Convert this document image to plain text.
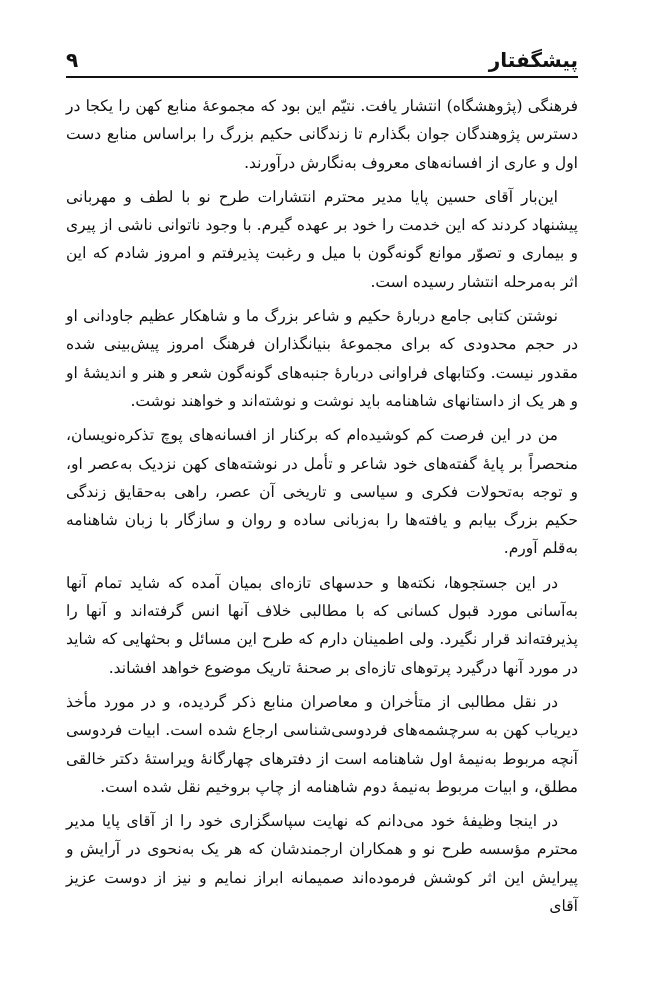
پیشگفتار
۹

فرهنگی (پژوهشگاه) انتشار یافت. نتیّم این بود که مجموعهٔ منابع کهن را یکجا در دسترس پژوهندگان جوان بگذارم تا زندگانی حکیم بزرگ را براساس منابع دست اول و عاری از افسانه‌های معروف به‌نگارش درآورند.

این‌بار آقای حسین پایا مدیر محترم انتشارات طرح نو با لطف و مهربانی پیشنهاد کردند که این خدمت را خود بر عهده گیرم. با وجود ناتوانی ناشی از پیری و بیماری و تصوّر موانع گونه‌گون با میل و رغبت پذیرفتم و امروز شادم که این اثر به‌مرحله انتشار رسیده است.

نوشتن کتابی جامع دربارهٔ حکیم و شاعر بزرگ ما و شاهکار عظیم جاودانی او در حجم محدودی که برای مجموعهٔ بنیانگذاران فرهنگ امروز پیش‌بینی شده مقدور نیست. وکتابهای فراوانی دربارهٔ جنبه‌های گونه‌گون شعر و هنر و اندیشهٔ او و هر یک از داستانهای شاهنامه باید نوشت و نوشته‌اند و خواهند نوشت.

من در این فرصت کم کوشیده‌ام که برکنار از افسانه‌های پوچ تذکره‌نویسان، منحصراً بر پایهٔ گفته‌های خود شاعر و تأمل در نوشته‌های کهن نزدیک به‌عصر او، و توجه به‌تحولات فکری و سیاسی و تاریخی آن عصر، راهی به‌حقایق زندگی حکیم بزرگ بیابم و یافته‌ها را به‌زبانی ساده و روان و سازگار با زبان شاهنامه به‌قلم آورم.

در این جستجوها، نکته‌ها و حدسهای تازه‌ای بمیان آمده که شاید تمام آنها به‌آسانی مورد قبول کسانی که با مطالبی خلاف آنها انس گرفته‌اند و آنها را پذیرفته‌اند قرار نگیرد. ولی اطمینان دارم که طرح این مسائل و بحثهایی که شاید در مورد آنها درگیرد پرتوهای تازه‌ای بر صحنهٔ تاریک موضوع خواهد افشاند.

در نقل مطالبی از متأخران و معاصران منابع ذکر گردیده، و در مورد مأخذ دیریاب کهن به سرچشمه‌های فردوسی‌شناسی ارجاع شده است. ابیات فردوسی آنچه مربوط به‌نیمهٔ اول شاهنامه است از دفترهای چهارگانهٔ ویراستهٔ دکتر خالقی مطلق، و ابیات مربوط به‌نیمهٔ دوم شاهنامه از چاپ بروخیم نقل شده است.

در اینجا وظیفهٔ خود می‌دانم که نهایت سپاسگزاری خود را از آقای پایا مدیر محترم مؤسسه طرح نو و همکاران ارجمندشان که هر یک به‌نحوی در آرایش و پیرایش این اثر کوشش فرموده‌اند صمیمانه ابراز نمایم و نیز از دوست عزیز آقای
